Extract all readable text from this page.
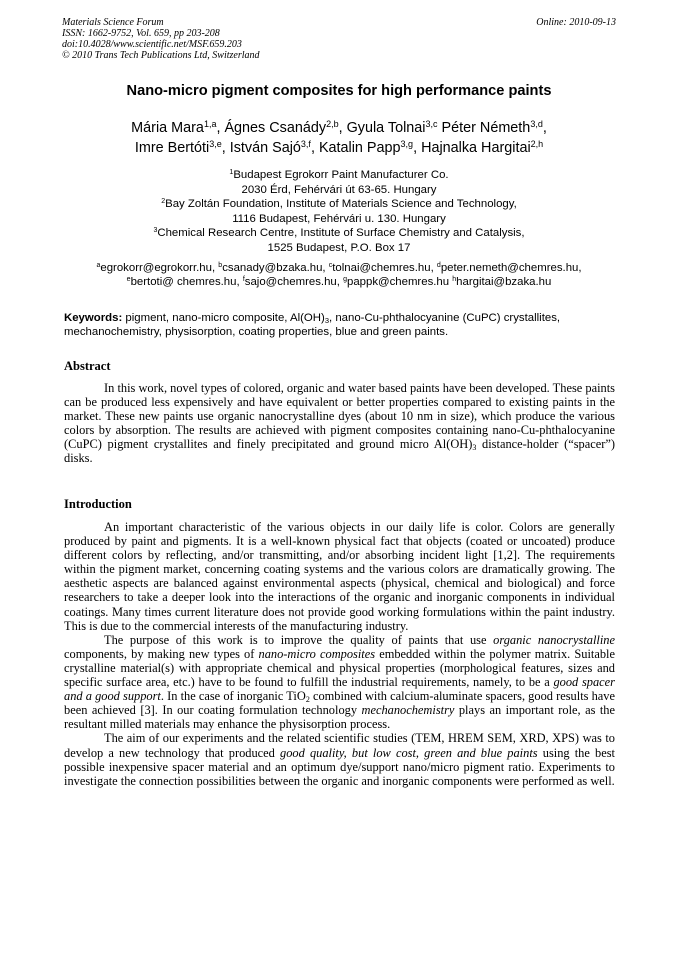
Materials Science Forum
ISSN: 1662-9752, Vol. 659, pp 203-208
doi:10.4028/www.scientific.net/MSF.659.203
© 2010 Trans Tech Publications Ltd, Switzerland
Online: 2010-09-13
Nano-micro pigment composites for high performance paints
Mária Mara$^{1,a}$, Ágnes Csanády$^{2,b}$, Gyula Tolnai$^{3,c}$ Péter Németh$^{3,d}$,
Imre Bertóti$^{3,e}$, István Sajó$^{3,f}$, Katalin Papp$^{3,g}$, Hajnalka Hargitai$^{2,h}$
$^1$Budapest Egrokorr Paint Manufacturer Co.
2030 Érd, Fehérvári út 63-65. Hungary
$^2$Bay Zoltán Foundation, Institute of Materials Science and Technology,
1116 Budapest, Fehérvári u. 130. Hungary
$^3$Chemical Research Centre, Institute of Surface Chemistry and Catalysis,
1525 Budapest, P.O. Box 17
$^a$egrokorr@egrokorr.hu, $^b$csanady@bzaka.hu, $^c$tolnai@chemres.hu, $^d$peter.nemeth@chemres.hu,
$^e$bertoti@ chemres.hu, $^f$sajo@chemres.hu, $^g$pappk@chemres.hu $^h$hargitai@bzaka.hu
Keywords: pigment, nano-micro composite, $Al(OH)_3$, nano-Cu-phthalocyanine (CuPC) crystallites, mechanochemistry, physisorption, coating properties, blue and green paints.
Abstract

In this work, novel types of colored, organic and water based paints have been developed. These paints can be produced less expensively and have equivalent or better properties compared to existing paints in the market. These new paints use organic nanocrystalline dyes (about 10 nm in size), which produce the various colors by absorption. The results are achieved with pigment composites containing nano-Cu-phthalocyanine (CuPC) pigment crystallites and finely precipitated and ground micro $Al(OH)_3$ distance-holder (“spacer”) disks.

Introduction

An important characteristic of the various objects in our daily life is color. Colors are generally produced by paint and pigments. It is a well-known physical fact that objects (coated or uncoated) produce different colors by reflecting, and/or transmitting, and/or absorbing incident light [1,2]. The requirements within the pigment market, concerning coating systems and the various colors are dramatically growing. The aesthetic aspects are balanced against environmental aspects (physical, chemical and biological) and force researchers to take a deeper look into the interactions of the organic and inorganic components in individual coatings. Many times current literature does not provide good working formulations within the paint industry. This is due to the commercial interests of the manufacturing industry.

The purpose of this work is to improve the quality of paints that use organic nanocrystalline components, by making new types of nano-micro composites embedded within the polymer matrix. Suitable crystalline material(s) with appropriate chemical and physical properties (morphological features, sizes and specific surface area, etc.) have to be found to fulfill the industrial requirements, namely, to be a good spacer and a good support. In the case of inorganic TiO$_2$ combined with calcium-aluminate spacers, good results have been achieved [3]. In our coating formulation technology mechanochemistry plays an important role, as the resultant milled materials may enhance the physisorption process.

The aim of our experiments and the related scientific studies (TEM, HREM SEM, XRD, XPS) was to develop a new technology that produced good quality, but low cost, green and blue paints using the best possible inexpensive spacer material and an optimum dye/support nano/micro pigment ratio. Experiments to investigate the connection possibilities between the organic and inorganic components were performed as well.
